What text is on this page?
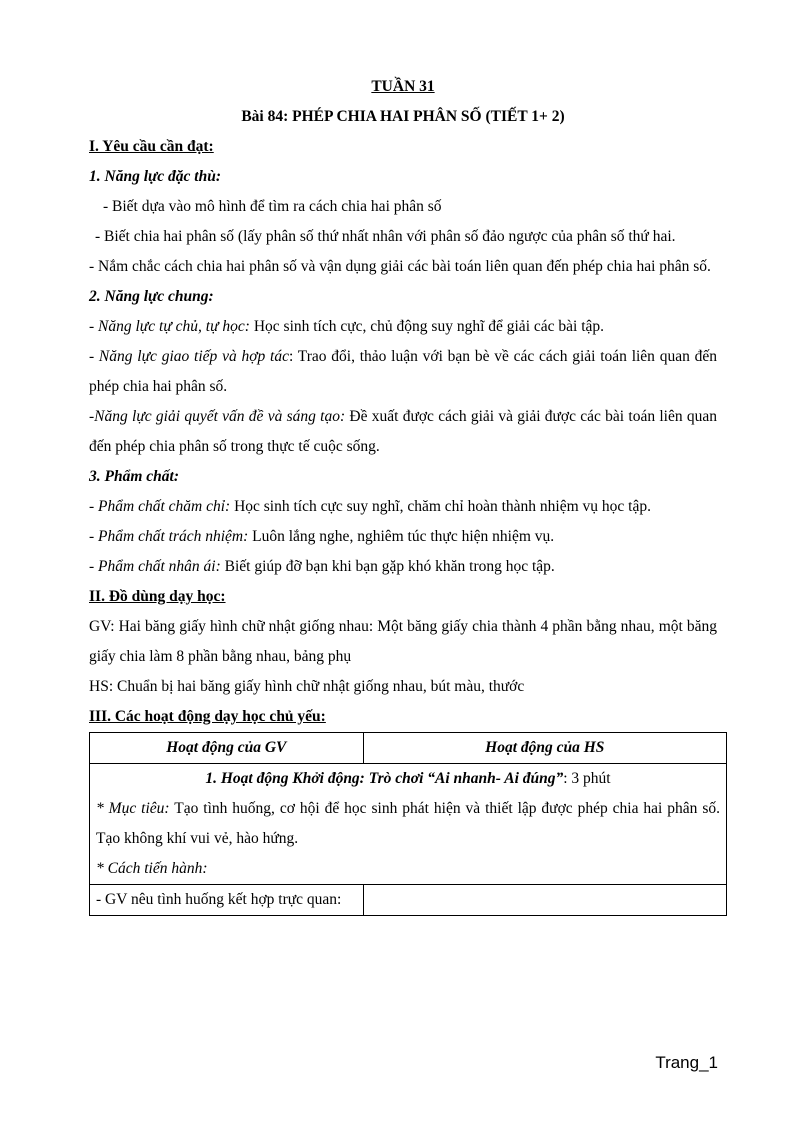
TUẦN 31
Bài 84: PHÉP CHIA HAI PHÂN SỐ (TIẾT 1+ 2)
I. Yêu cầu cần đạt:
1. Năng lực đặc thù:
- Biết dựa vào mô hình để tìm ra cách chia hai phân số
- Biết chia hai phân số (lấy phân số thứ nhất nhân với phân số đảo ngược của phân số thứ hai.
- Nắm chắc cách chia hai phân số và vận dụng giải các bài toán liên quan đến phép chia hai phân số.
2. Năng lực chung:
- Năng lực tự chủ, tự học: Học sinh tích cực, chủ động suy nghĩ để giải các bài tập.
- Năng lực giao tiếp và hợp tác: Trao đổi, thảo luận với bạn bè về các cách giải toán liên quan đến phép chia hai phân số.
-Năng lực giải quyết vấn đề và sáng tạo: Đề xuất được cách giải và giải được các bài toán liên quan đến phép chia phân số trong thực tế cuộc sống.
3. Phẩm chất:
- Phẩm chất chăm chỉ: Học sinh tích cực suy nghĩ, chăm chỉ hoàn thành nhiệm vụ học tập.
- Phẩm chất trách nhiệm: Luôn lắng nghe, nghiêm túc thực hiện nhiệm vụ.
- Phẩm chất nhân ái: Biết giúp đỡ bạn khi bạn gặp khó khăn trong học tập.
II. Đồ dùng dạy học:
GV: Hai băng giấy hình chữ nhật giống nhau: Một băng giấy chia thành 4 phần bằng nhau, một băng giấy chia làm 8 phần bằng nhau, bảng phụ
HS: Chuẩn bị hai băng giấy hình chữ nhật giống nhau, bút màu, thước
III. Các hoạt động dạy học chủ yếu:
Hoạt động của GV	Hoạt động của HS

1. Hoạt động Khởi động: Trò chơi “Ai nhanh- Ai đúng”: 3 phút
* Mục tiêu: Tạo tình huống, cơ hội để học sinh phát hiện và thiết lập được phép chia hai phân số. Tạo không khí vui vẻ, hào hứng.
* Cách tiến hành:	

- GV nêu tình huống kết hợp trực quan:	
Trang_1
